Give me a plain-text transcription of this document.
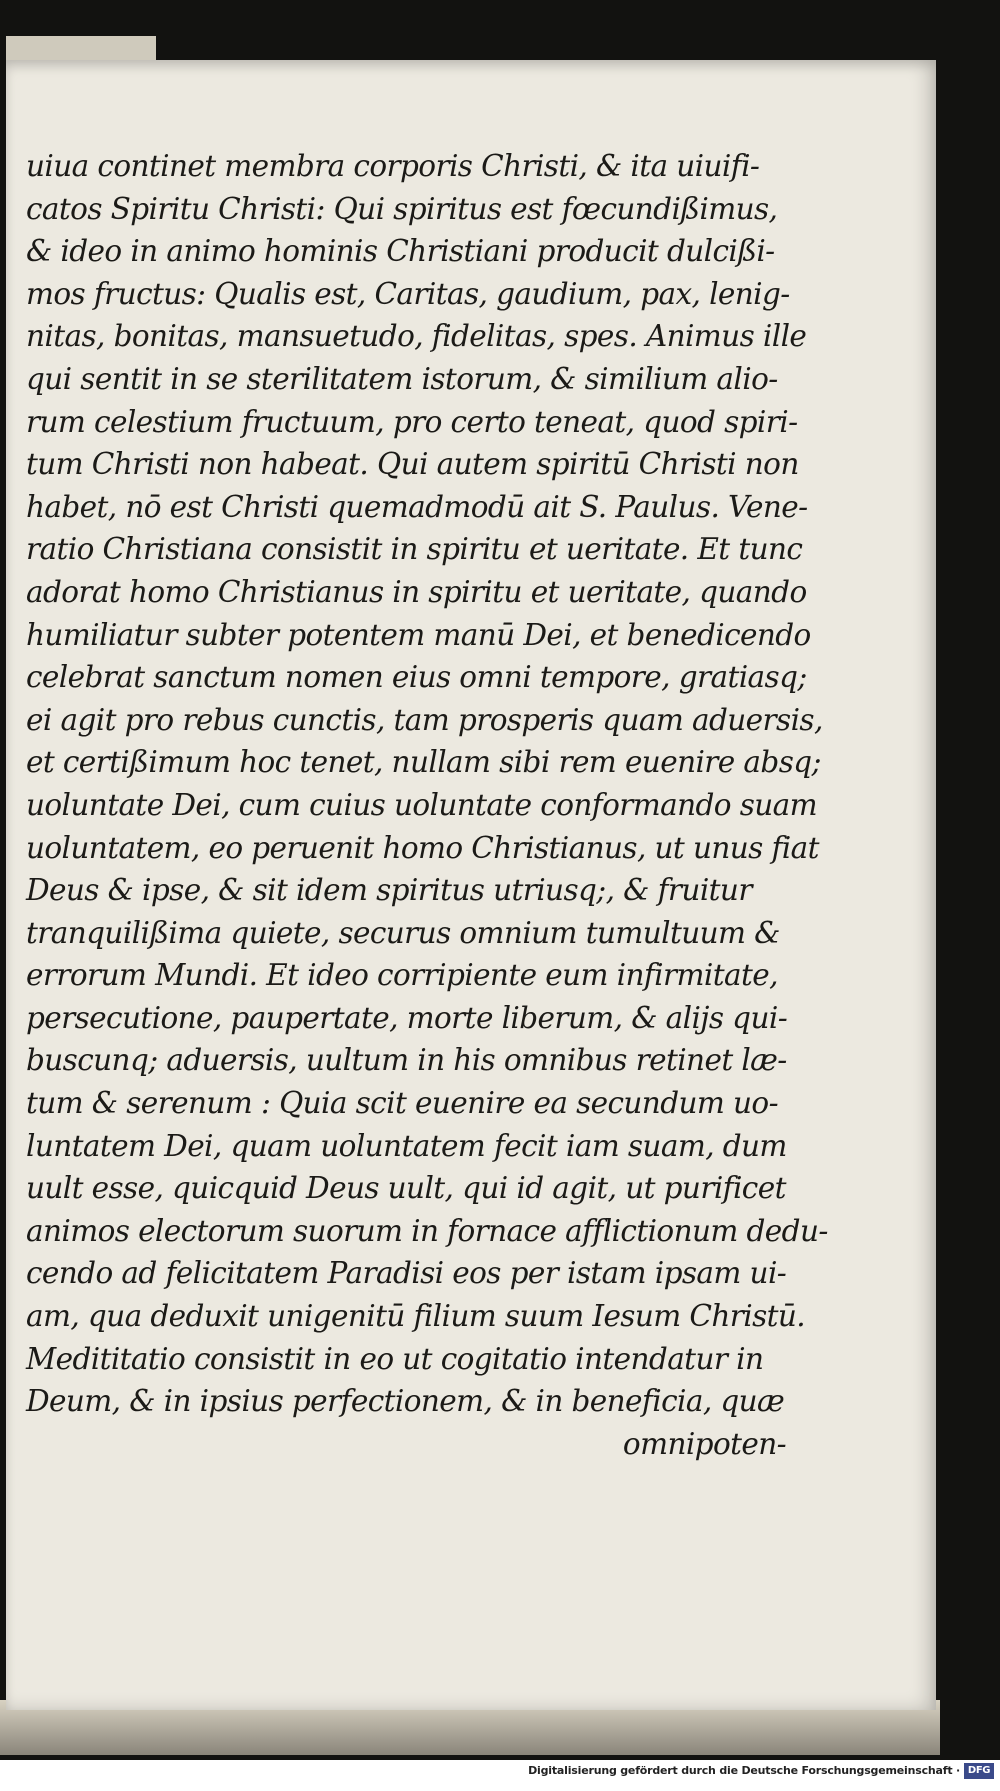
uiua continet membra corporis Christi, & ita uiuifi-
catos Spiritu Christi: Qui spiritus est fœcundißimus,
& ideo in animo hominis Christiani producit dulcißi-
mos fructus: Qualis est, Caritas, gaudium, pax, lenig-
nitas, bonitas, mansuetudo, fidelitas, spes. Animus ille
qui sentit in se sterilitatem istorum, & similium alio-
rum celestium fructuum, pro certo teneat, quod spiri-
tum Christi non habeat. Qui autem spiritū Christi non
habet, nō est Christi quemadmodū ait S. Paulus. Vene-
ratio Christiana consistit in spiritu et ueritate. Et tunc
adorat homo Christianus in spiritu et ueritate, quando
humiliatur subter potentem manū Dei, et benedicendo
celebrat sanctum nomen eius omni tempore, gratiasq;
ei agit pro rebus cunctis, tam prosperis quam aduersis,
et certißimum hoc tenet, nullam sibi rem euenire absq;
uoluntate Dei, cum cuius uoluntate conformando suam
uoluntatem, eo peruenit homo Christianus, ut unus fiat
Deus & ipse, & sit idem spiritus utriusq;, & fruitur
tranquilißima quiete, securus omnium tumultuum &
errorum Mundi. Et ideo corripiente eum infirmitate,
persecutione, paupertate, morte liberum, & alijs qui-
buscunq; aduersis, uultum in his omnibus retinet læ-
tum & serenum : Quia scit euenire ea secundum uo-
luntatem Dei, quam uoluntatem fecit iam suam, dum
uult esse, quicquid Deus uult, qui id agit, ut purificet
animos electorum suorum in fornace afflictionum dedu-
cendo ad felicitatem Paradisi eos per istam ipsam ui-
am, qua deduxit unigenitū filium suum Iesum Christū.
Medititatio consistit in eo ut cogitatio intendatur in
Deum, & in ipsius perfectionem, & in beneficia, quæ
omnipoten-
Digitalisierung gefördert durch die Deutsche Forschungsgemeinschaft · DFG
